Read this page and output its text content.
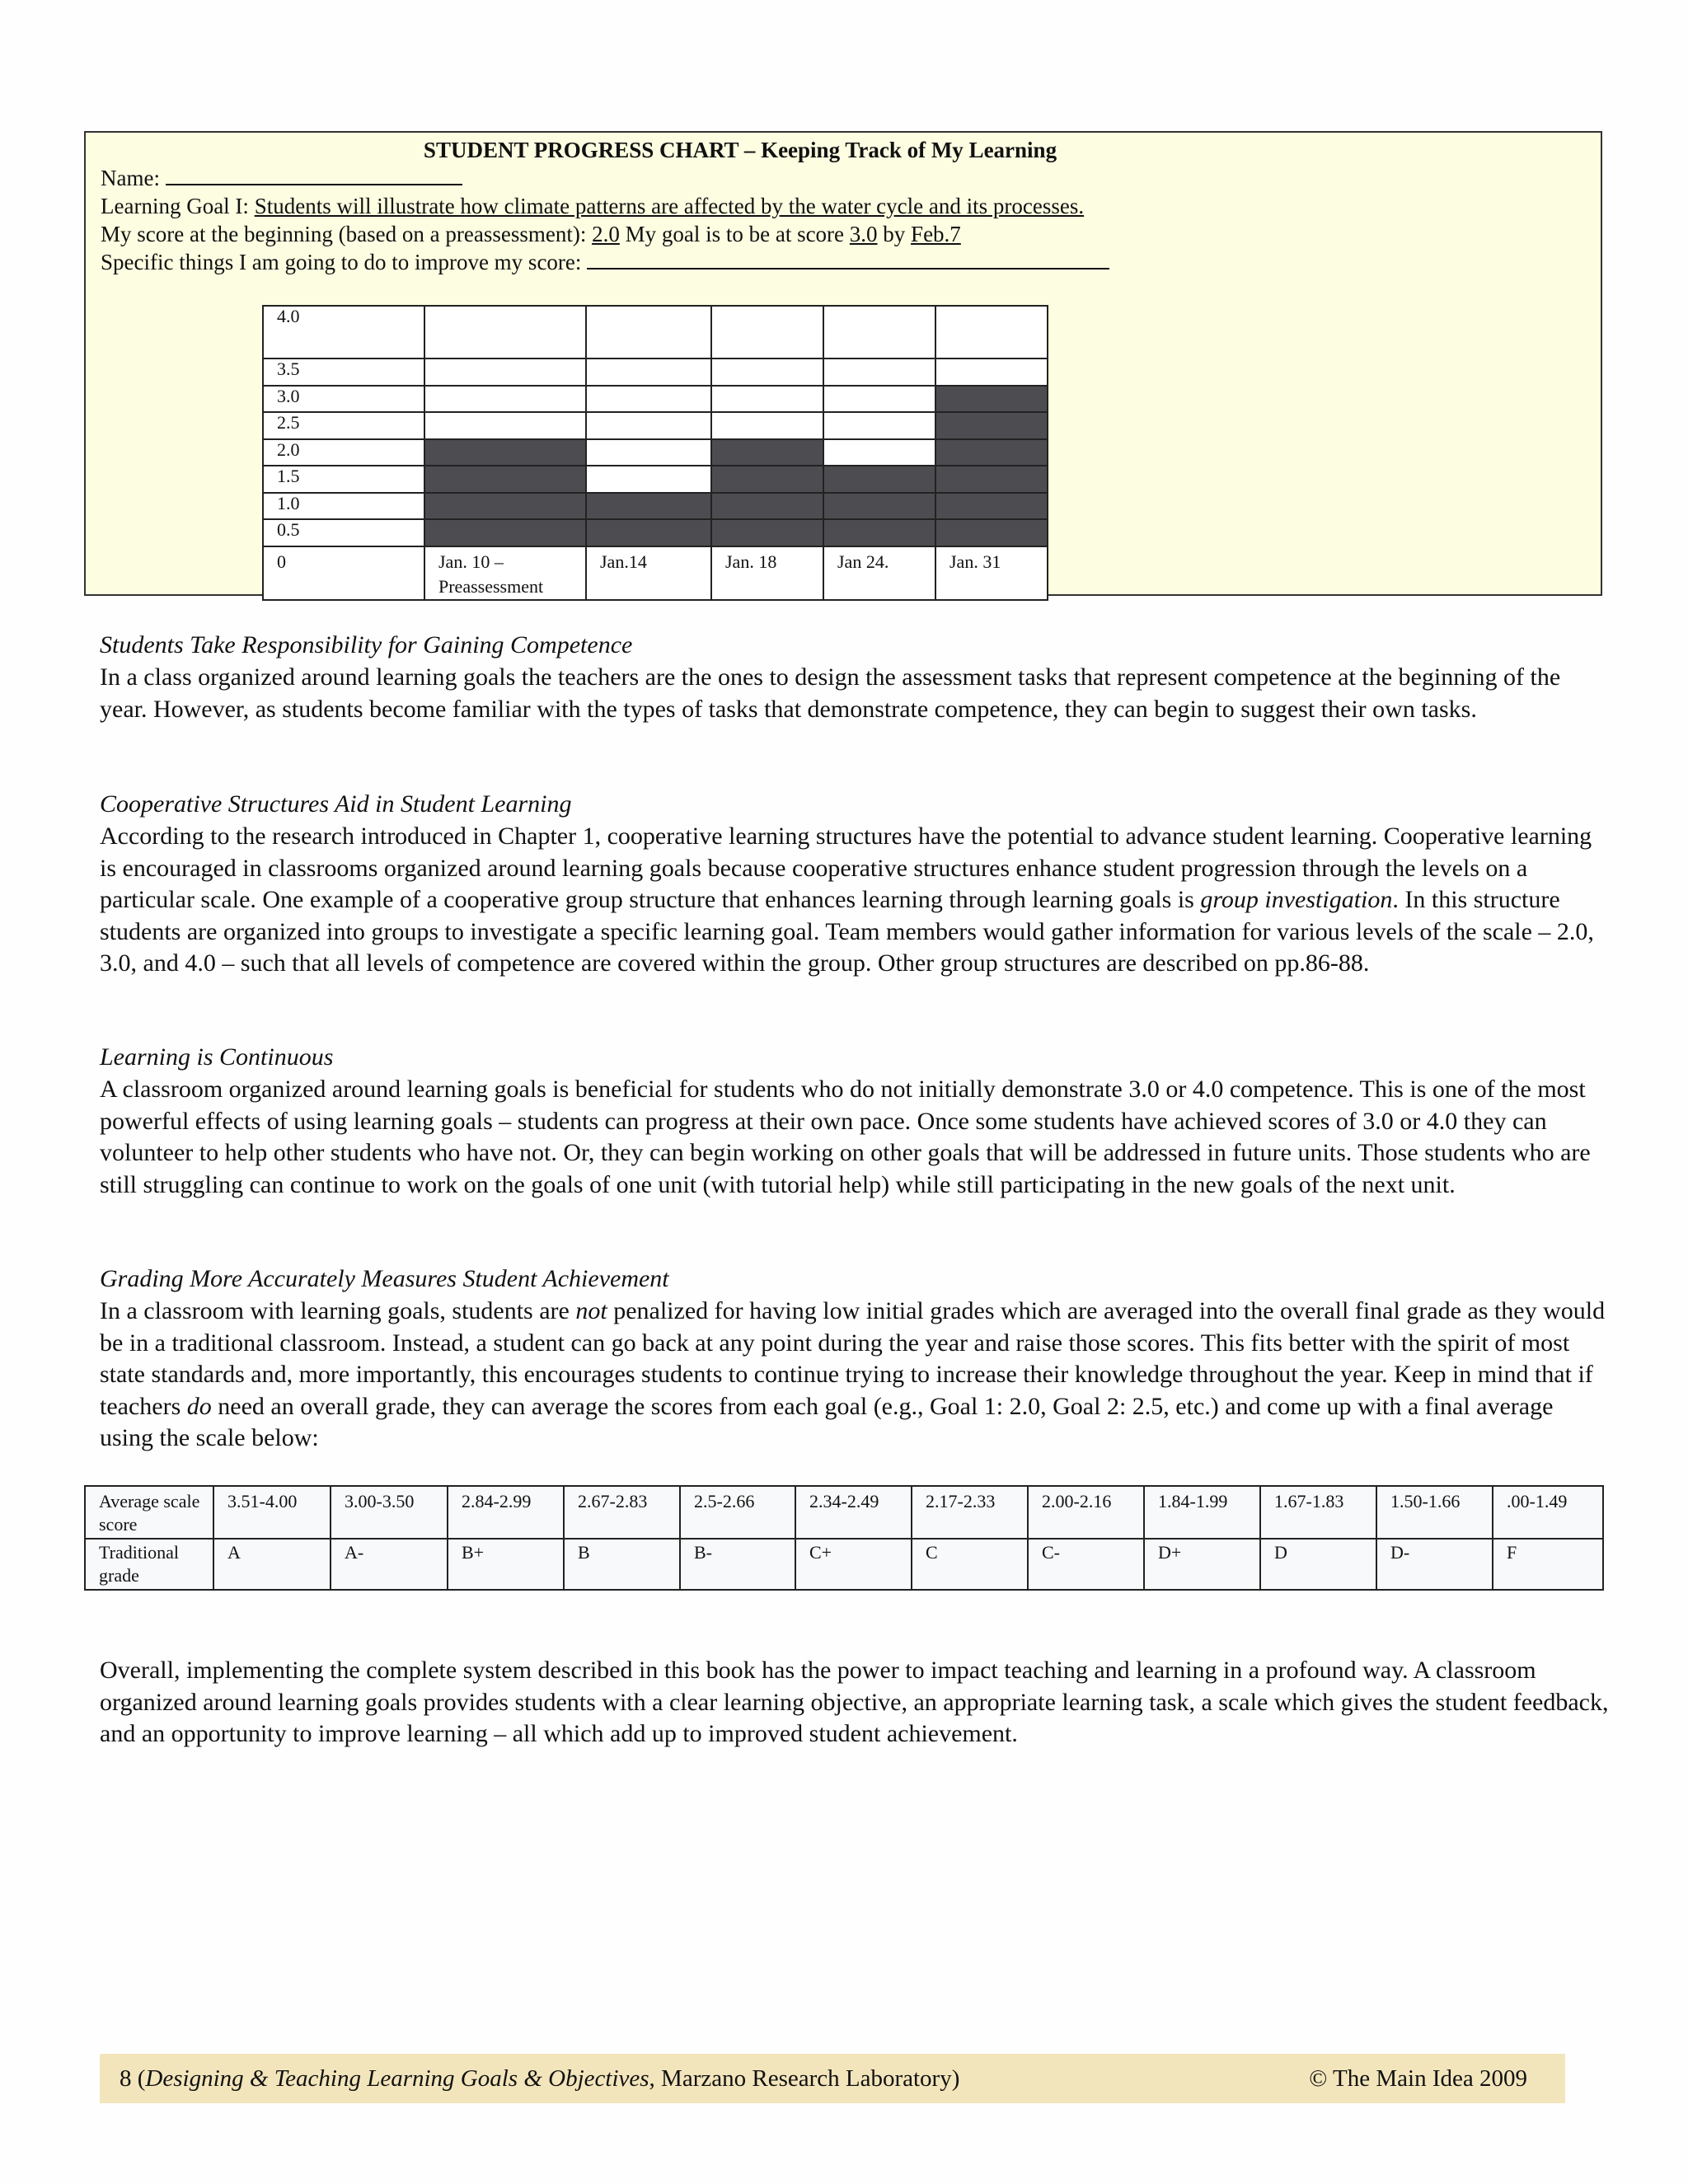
STUDENT PROGRESS CHART – Keeping Track of My Learning
Name:
Learning Goal I: Students will illustrate how climate patterns are affected by the water cycle and its processes.
My score at the beginning (based on a preassessment): 2.0 My goal is to be at score 3.0 by Feb.7
Specific things I am going to do to improve my score:
4.0					
3.5					
3.0					
2.5					
2.0					
1.5					
1.0					
0.5					
0	Jan. 10 –
Preassessment	Jan.14	Jan. 18	Jan 24.	Jan. 31
Students Take Responsibility for Gaining Competence
In a class organized around learning goals the teachers are the ones to design the assessment tasks that represent competence at the beginning of the year. However, as students become familiar with the types of tasks that demonstrate competence, they can begin to suggest their own tasks.
Cooperative Structures Aid in Student Learning
According to the research introduced in Chapter 1, cooperative learning structures have the potential to advance student learning. Cooperative learning is encouraged in classrooms organized around learning goals because cooperative structures enhance student progression through the levels on a particular scale. One example of a cooperative group structure that enhances learning through learning goals is group investigation. In this structure students are organized into groups to investigate a specific learning goal. Team members would gather information for various levels of the scale – 2.0, 3.0, and 4.0 – such that all levels of competence are covered within the group. Other group structures are described on pp.86-88.
Learning is Continuous
A classroom organized around learning goals is beneficial for students who do not initially demonstrate 3.0 or 4.0 competence. This is one of the most powerful effects of using learning goals – students can progress at their own pace. Once some students have achieved scores of 3.0 or 4.0 they can volunteer to help other students who have not. Or, they can begin working on other goals that will be addressed in future units. Those students who are still struggling can continue to work on the goals of one unit (with tutorial help) while still participating in the new goals of the next unit.
Grading More Accurately Measures Student Achievement
In a classroom with learning goals, students are not penalized for having low initial grades which are averaged into the overall final grade as they would be in a traditional classroom. Instead, a student can go back at any point during the year and raise those scores. This fits better with the spirit of most state standards and, more importantly, this encourages students to continue trying to increase their knowledge throughout the year. Keep in mind that if teachers do need an overall grade, they can average the scores from each goal (e.g., Goal 1: 2.0, Goal 2: 2.5, etc.) and come up with a final average using the scale below:
Average scale score	3.51-4.00	3.00-3.50	2.84-2.99	2.67-2.83	2.5-2.66	2.34-2.49	2.17-2.33	2.00-2.16	1.84-1.99	1.67-1.83	1.50-1.66	.00-1.49
Traditional grade	A	A-	B+	B	B-	C+	C	C-	D+	D	D-	F
Overall, implementing the complete system described in this book has the power to impact teaching and learning in a profound way. A classroom organized around learning goals provides students with a clear learning objective, an appropriate learning task, a scale which gives the student feedback, and an opportunity to improve learning – all which add up to improved student achievement.
8 (Designing & Teaching Learning Goals & Objectives, Marzano Research Laboratory)	© The Main Idea 2009
